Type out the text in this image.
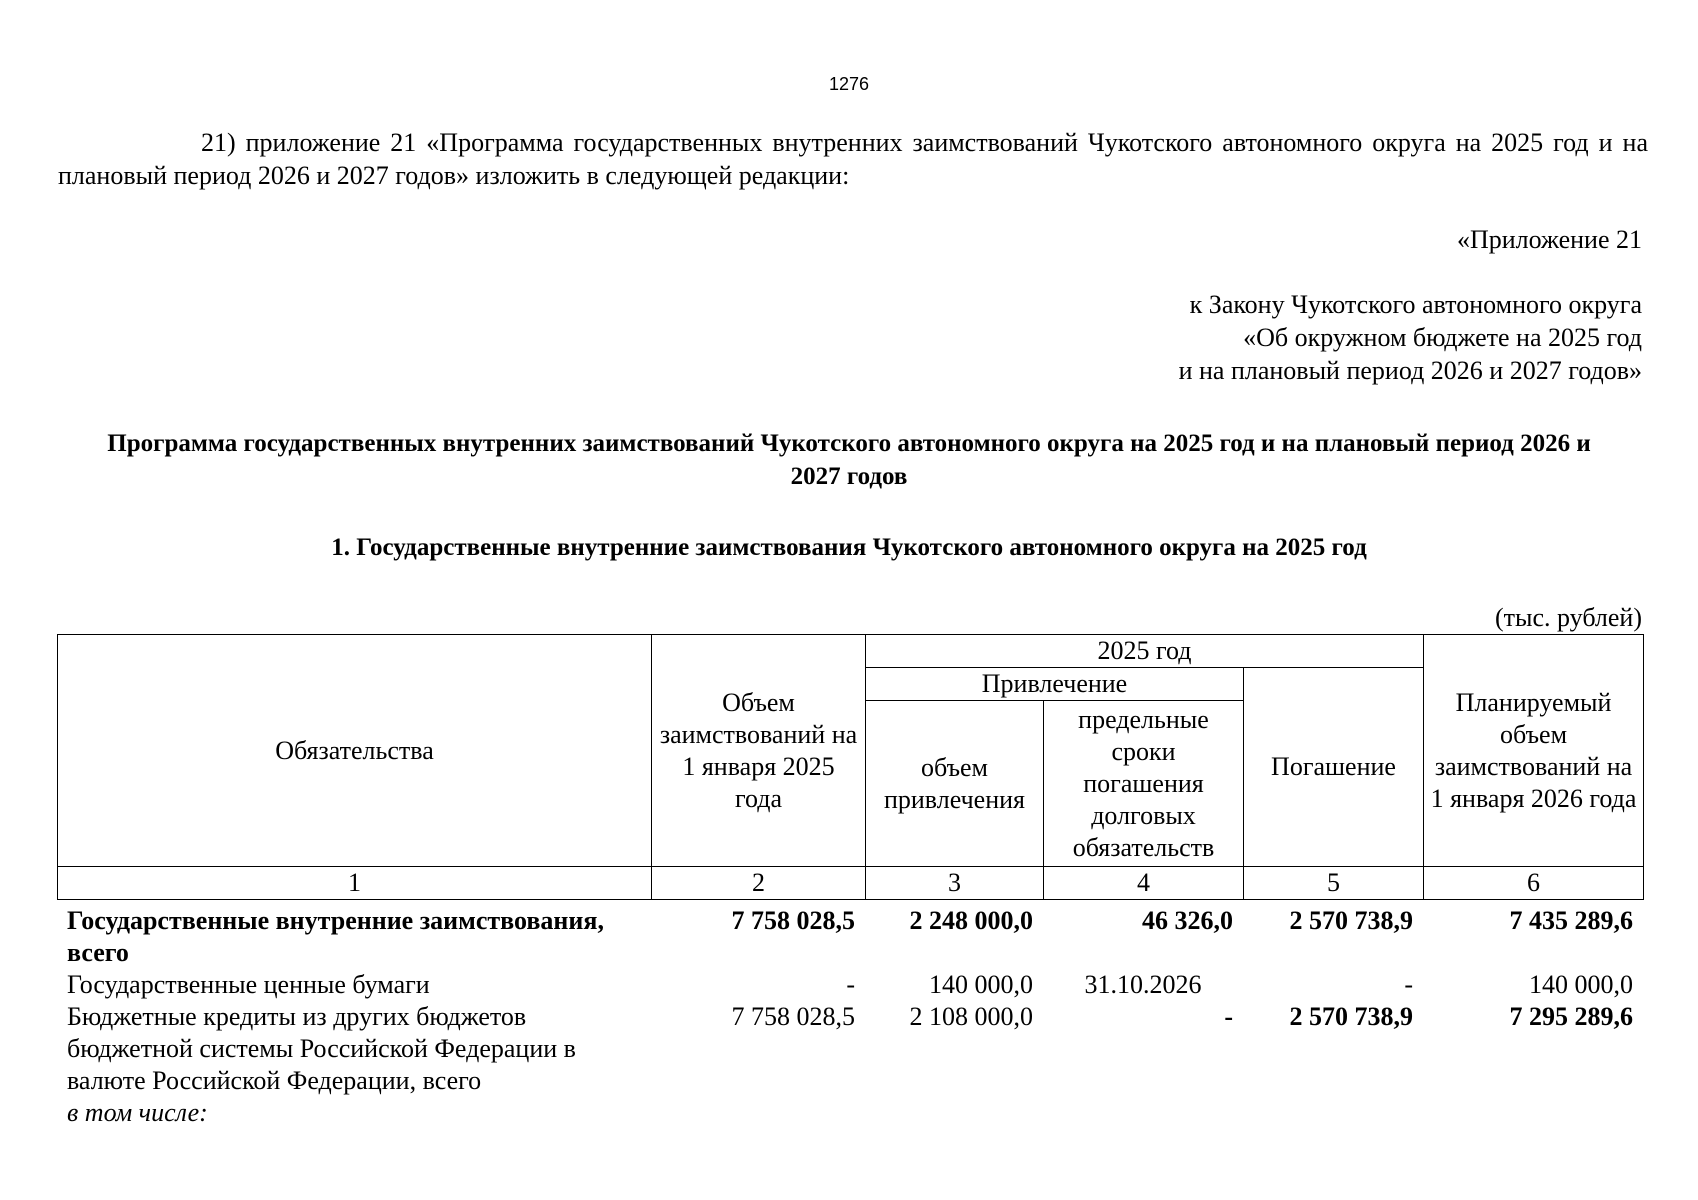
1276
21) приложение 21 «Программа государственных внутренних заимствований Чукотского автономного округа на 2025 год и на плановый период 2026 и 2027 годов» изложить в следующей редакции:
«Приложение 21
к Закону Чукотского автономного округа
«Об окружном бюджете на 2025 год
и на плановый период 2026 и 2027 годов»
Программа государственных внутренних заимствований Чукотского автономного округа на 2025 год и на плановый период 2026 и 2027 годов
1. Государственные внутренние заимствования Чукотского автономного округа на 2025 год
(тыс. рублей)
Обязательства	Объем заимствований на 1 января 2025 года	2025 год			Планируемый объем заимствований на 1 января 2026 года
		Привлечение		Погашение	
		объем привлечения	предельные сроки погашения долговых обязательств		
1	2	3	4	5	6
Государственные внутренние заимствования, всего	7 758 028,5	2 248 000,0	46 326,0	2 570 738,9	7 435 289,6
Государственные ценные бумаги	-	140 000,0	31.10.2026	-	140 000,0
Бюджетные кредиты из других бюджетов бюджетной системы Российской Федерации в валюте Российской Федерации, всего	7 758 028,5	2 108 000,0	-	2 570 738,9	7 295 289,6
в том числе:					
